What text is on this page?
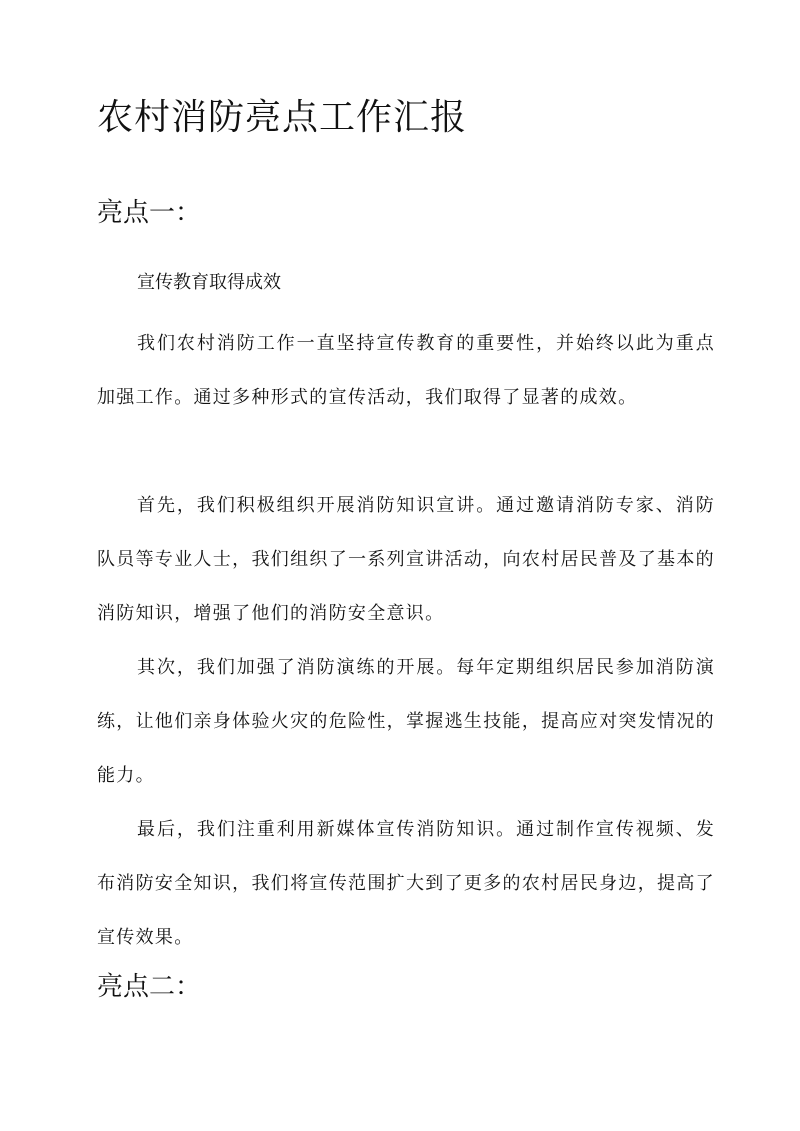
农村消防亮点工作汇报
亮点一：
宣传教育取得成效

我们农村消防工作一直坚持宣传教育的重要性，并始终以此为重点加强工作。通过多种形式的宣传活动，我们取得了显著的成效。

首先，我们积极组织开展消防知识宣讲。通过邀请消防专家、消防队员等专业人士，我们组织了一系列宣讲活动，向农村居民普及了基本的消防知识，增强了他们的消防安全意识。

其次，我们加强了消防演练的开展。每年定期组织居民参加消防演练，让他们亲身体验火灾的危险性，掌握逃生技能，提高应对突发情况的能力。

最后，我们注重利用新媒体宣传消防知识。通过制作宣传视频、发布消防安全知识，我们将宣传范围扩大到了更多的农村居民身边，提高了宣传效果。

亮点二：
